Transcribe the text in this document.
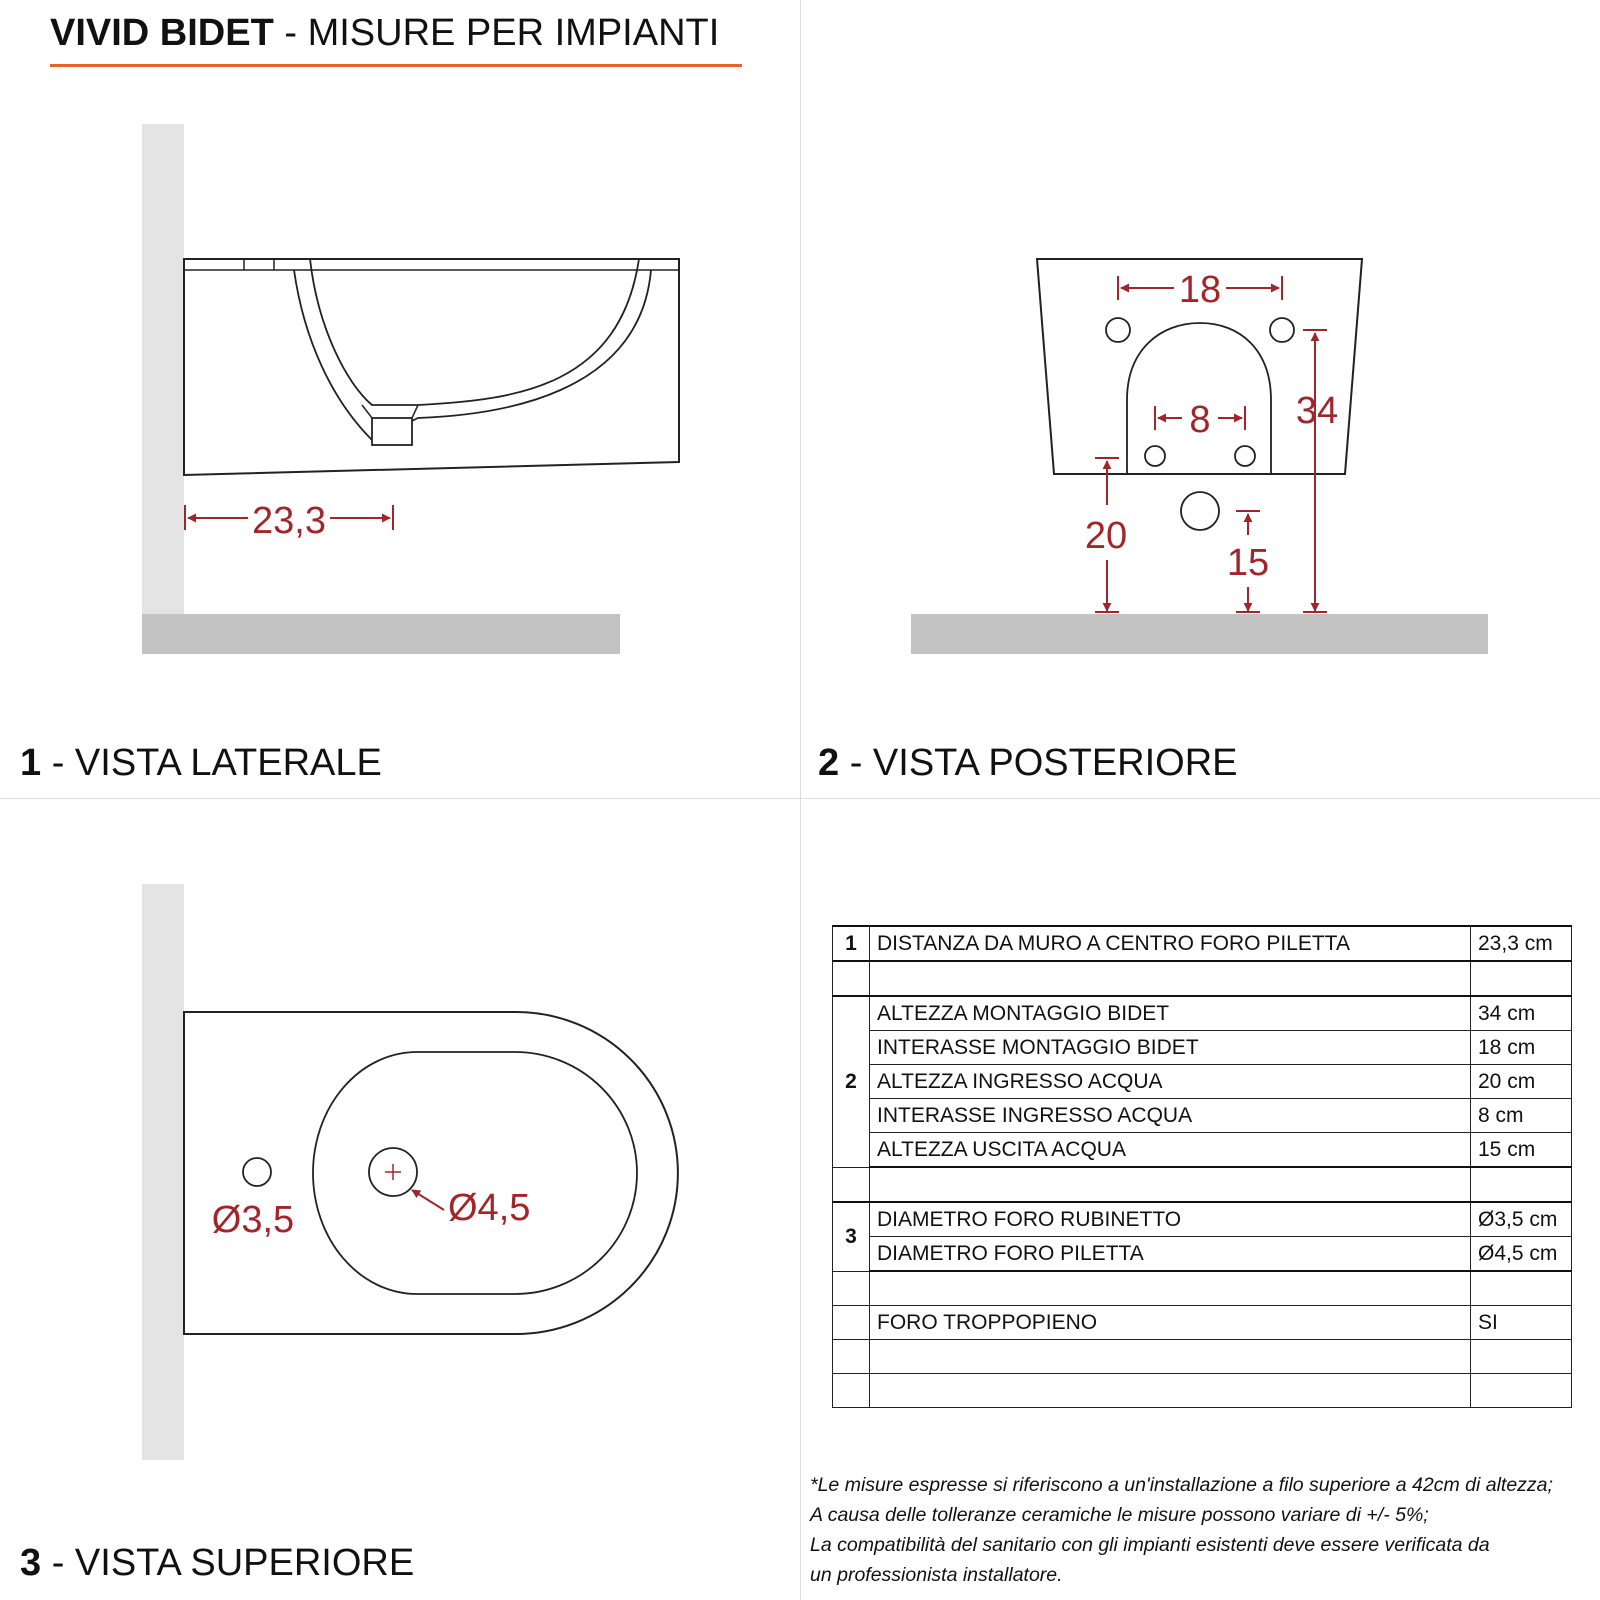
VIVID BIDET - MISURE PER IMPIANTI
23,3
18
8 34
20
15
Ø3,5	Ø4,5
1 - VISTA LATERALE	2 - VISTA POSTERIORE
3 - VISTA SUPERIORE
1	DISTANZA DA MURO A CENTRO FORO PILETTA	23,3 cm

2	ALTEZZA MONTAGGIO BIDET	34 cm
	INTERASSE MONTAGGIO BIDET	18 cm
	ALTEZZA INGRESSO ACQUA	20 cm
	INTERASSE INGRESSO ACQUA	8 cm
	ALTEZZA USCITA ACQUA	15 cm

3	DIAMETRO FORO RUBINETTO	Ø3,5 cm
	DIAMETRO FORO PILETTA	Ø4,5 cm

	FORO TROPPOPIENO	SI

*Le misure espresse si riferiscono a un'installazione a filo superiore a 42cm di altezza;
A causa delle tolleranze ceramiche le misure possono variare di +/- 5%;
La compatibilità del sanitario con gli impianti esistenti deve essere verificata da
un professionista installatore.
